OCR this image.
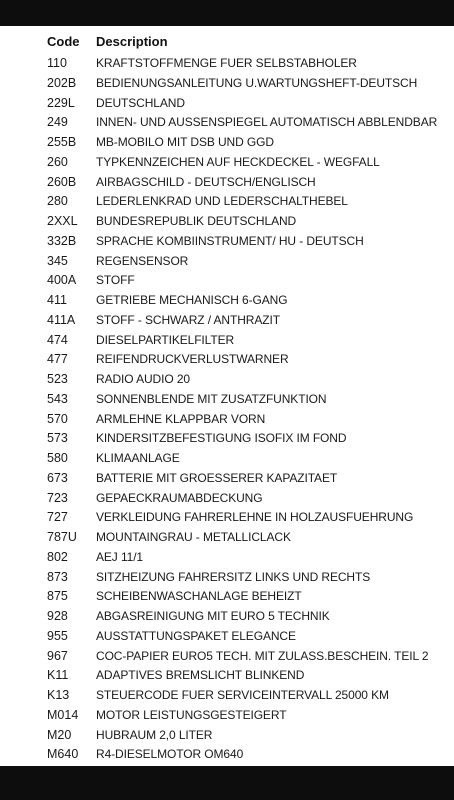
Code Description
110 KRAFTSTOFFMENGE FUER SELBSTABHOLER
202B BEDIENUNGSANLEITUNG U.WARTUNGSHEFT-DEUTSCH
229L DEUTSCHLAND
249 INNEN- UND AUSSENSPIEGEL AUTOMATISCH ABBLENDBAR
255B MB-MOBILO MIT DSB UND GGD
260 TYPKENNZEICHEN AUF HECKDECKEL - WEGFALL
260B AIRBAGSCHILD - DEUTSCH/ENGLISCH
280 LEDERLENKRAD UND LEDERSCHALTHEBEL
2XXL BUNDESREPUBLIK DEUTSCHLAND
332B SPRACHE KOMBIINSTRUMENT/ HU - DEUTSCH
345 REGENSENSOR
400A STOFF
411 GETRIEBE MECHANISCH 6-GANG
411A STOFF - SCHWARZ / ANTHRAZIT
474 DIESELPARTIKELFILTER
477 REIFENDRUCKVERLUSTWARNER
523 RADIO AUDIO 20
543 SONNENBLENDE MIT ZUSATZFUNKTION
570 ARMLEHNE KLAPPBAR VORN
573 KINDERSITZBEFESTIGUNG ISOFIX IM FOND
580 KLIMAANLAGE
673 BATTERIE MIT GROESSERER KAPAZITAET
723 GEPAECKRAUMABDECKUNG
727 VERKLEIDUNG FAHRERLEHNE IN HOLZAUSFUEHRUNG
787U MOUNTAINGRAU - METALLICLACK
802 AEJ 11/1
873 SITZHEIZUNG FAHRERSITZ LINKS UND RECHTS
875 SCHEIBENWASCHANLAGE BEHEIZT
928 ABGASREINIGUNG MIT EURO 5 TECHNIK
955 AUSSTATTUNGSPAKET ELEGANCE
967 COC-PAPIER EURO5 TECH. MIT ZULASS.BESCHEIN. TEIL 2
K11 ADAPTIVES BREMSLICHT BLINKEND
K13 STEUERCODE FUER SERVICEINTERVALL 25000 KM
M014 MOTOR LEISTUNGSGESTEIGERT
M20 HUBRAUM 2,0 LITER
M640 R4-DIESELMOTOR OM640
